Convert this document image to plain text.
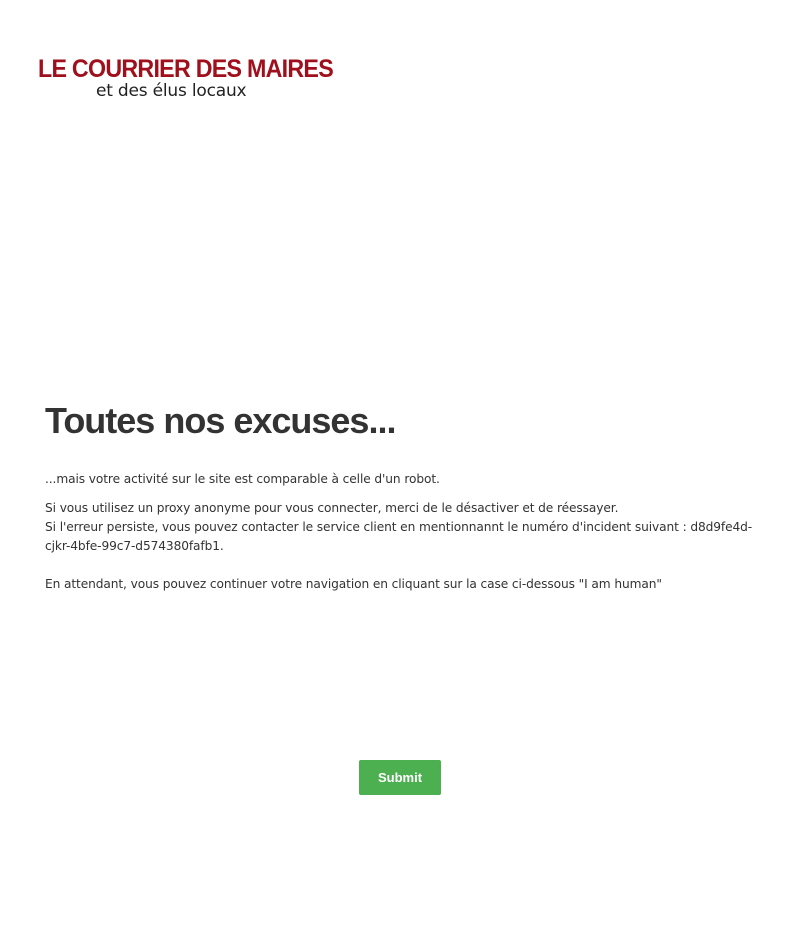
LE COURRIER DES MAIRES
et des élus locaux
Toutes nos excuses...

...mais votre activité sur le site est comparable à celle d'un robot.

Si vous utilisez un proxy anonyme pour vous connecter, merci de le désactiver et de réessayer.
Si l'erreur persiste, vous pouvez contacter le service client en mentionnannt le numéro d'incident suivant : d8d9fe4d-
cjkr-4bfe-99c7-d574380fafb1.
En attendant, vous pouvez continuer votre navigation en cliquant sur la case ci-dessous "I am human"
Submit
